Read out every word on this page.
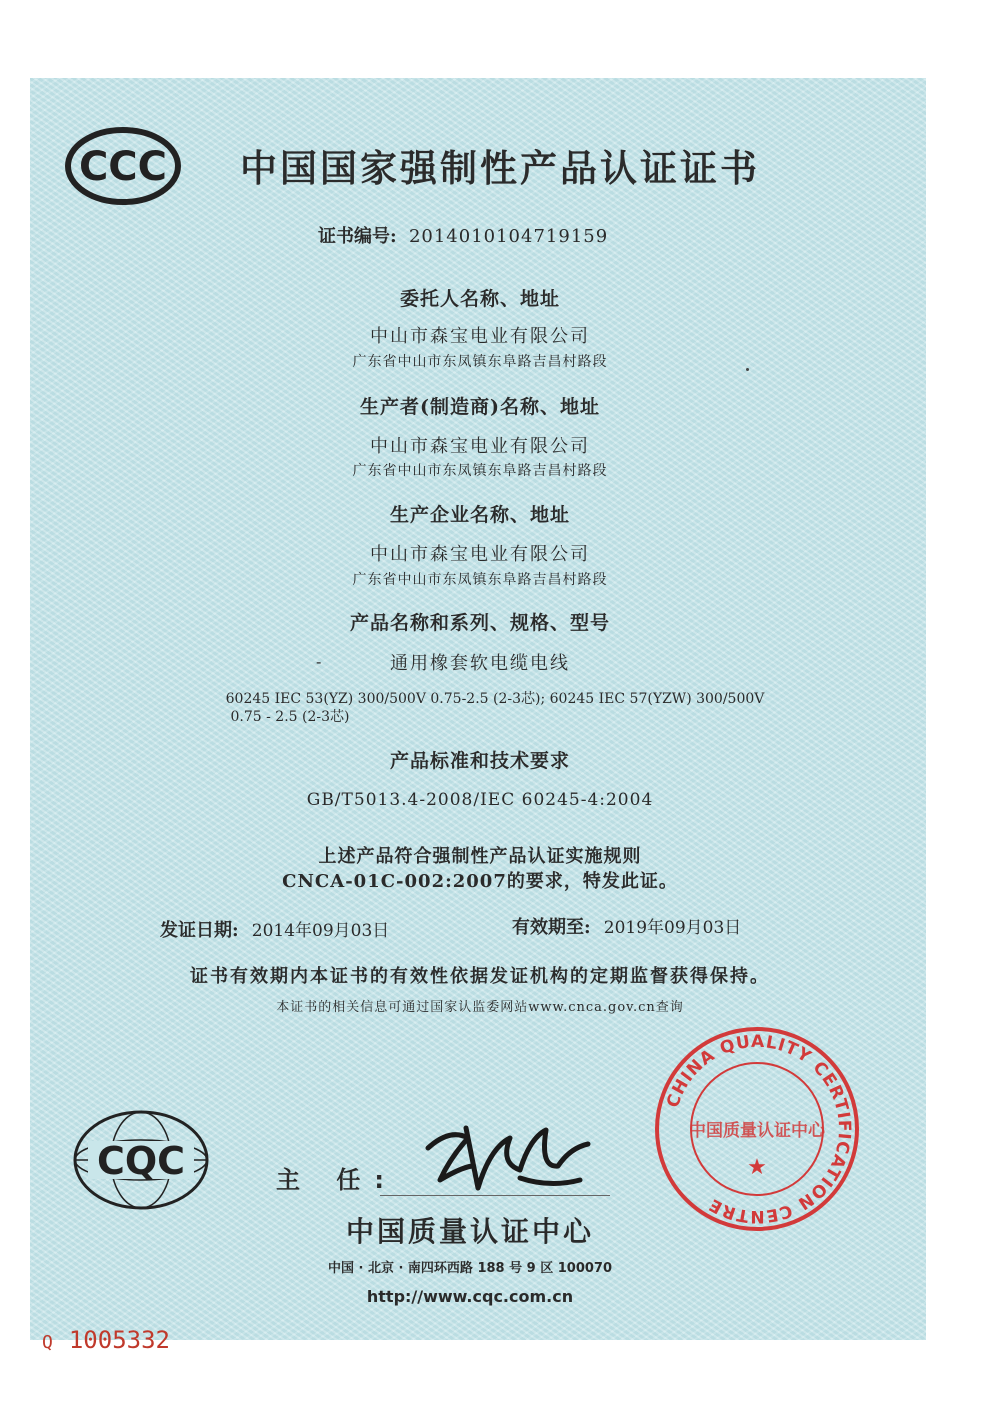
CCC	中国国家强制性产品认证证书
证书编号: 2014010104719159
委托人名称、地址
中山市森宝电业有限公司
广东省中山市东凤镇东阜路吉昌村路段
生产者(制造商)名称、地址
中山市森宝电业有限公司
广东省中山市东凤镇东阜路吉昌村路段
生产企业名称、地址
中山市森宝电业有限公司
广东省中山市东凤镇东阜路吉昌村路段
产品名称和系列、规格、型号
-	通用橡套软电缆电线
60245 IEC 53(YZ) 300/500V 0.75-2.5 (2-3芯); 60245 IEC 57(YZW) 300/500V
0.75 - 2.5 (2-3芯)
产品标准和技术要求
GB/T5013.4-2008/IEC 60245-4:2004
上述产品符合强制性产品认证实施规则
CNCA-01C-002:2007的要求，特发此证。
发证日期: 2014年09月03日	有效期至: 2019年09月03日
证书有效期内本证书的有效性依据发证机构的定期监督获得保持。
本证书的相关信息可通过国家认监委网站www.cnca.gov.cn查询
CQC	主 任:
中国质量认证中心
中国 · 北京 · 南四环西路 188 号 9 区 100070
http://www.cqc.com.cn
CHINA QUALITY CERTIFICATION CENTRE
中国质量认证中心
★
Q 1005332
